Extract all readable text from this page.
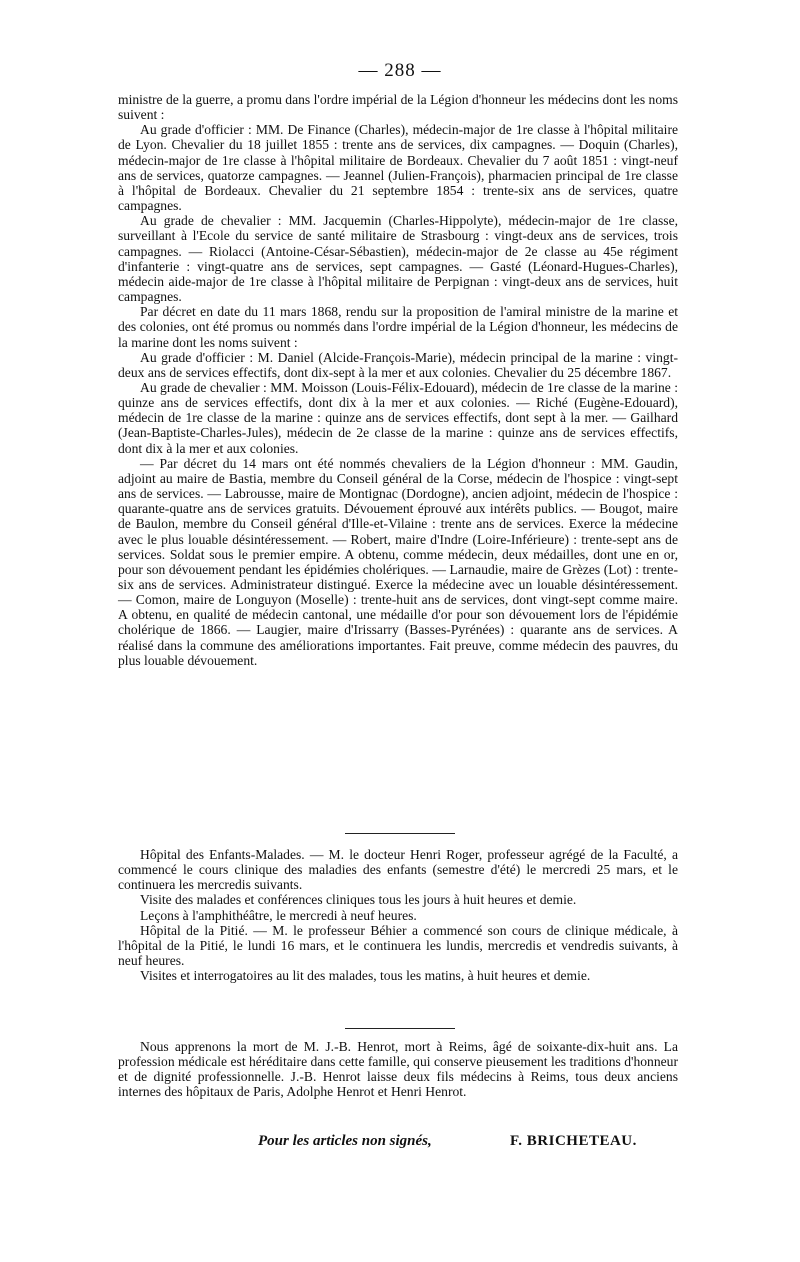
— 288 —

ministre de la guerre, a promu dans l'ordre impérial de la Légion d'honneur les médecins dont les noms suivent :

Au grade d'officier : MM. De Finance (Charles), médecin-major de 1re classe à l'hôpital militaire de Lyon. Chevalier du 18 juillet 1855 : trente ans de services, dix campagnes. — Doquin (Charles), médecin-major de 1re classe à l'hôpital militaire de Bordeaux. Chevalier du 7 août 1851 : vingt-neuf ans de services, quatorze campagnes. — Jeannel (Julien-François), pharmacien principal de 1re classe à l'hôpital de Bordeaux. Chevalier du 21 septembre 1854 : trente-six ans de services, quatre campagnes.

Au grade de chevalier : MM. Jacquemin (Charles-Hippolyte), médecin-major de 1re classe, surveillant à l'Ecole du service de santé militaire de Strasbourg : vingt-deux ans de services, trois campagnes. — Riolacci (Antoine-César-Sébastien), médecin-major de 2e classe au 45e régiment d'infanterie : vingt-quatre ans de services, sept campagnes. — Gasté (Léonard-Hugues-Charles), médecin aide-major de 1re classe à l'hôpital militaire de Perpignan : vingt-deux ans de services, huit campagnes.

Par décret en date du 11 mars 1868, rendu sur la proposition de l'amiral ministre de la marine et des colonies, ont été promus ou nommés dans l'ordre impérial de la Légion d'honneur, les médecins de la marine dont les noms suivent :

Au grade d'officier : M. Daniel (Alcide-François-Marie), médecin principal de la marine : vingt-deux ans de services effectifs, dont dix-sept à la mer et aux colonies. Chevalier du 25 décembre 1867.

Au grade de chevalier : MM. Moisson (Louis-Félix-Edouard), médecin de 1re classe de la marine : quinze ans de services effectifs, dont dix à la mer et aux colonies. — Riché (Eugène-Edouard), médecin de 1re classe de la marine : quinze ans de services effectifs, dont sept à la mer. — Gailhard (Jean-Baptiste-Charles-Jules), médecin de 2e classe de la marine : quinze ans de services effectifs, dont dix à la mer et aux colonies.

— Par décret du 14 mars ont été nommés chevaliers de la Légion d'honneur : MM. Gaudin, adjoint au maire de Bastia, membre du Conseil général de la Corse, médecin de l'hospice : vingt-sept ans de services. — Labrousse, maire de Montignac (Dordogne), ancien adjoint, médecin de l'hospice : quarante-quatre ans de services gratuits. Dévouement éprouvé aux intérêts publics. — Bougot, maire de Baulon, membre du Conseil général d'Ille-et-Vilaine : trente ans de services. Exerce la médecine avec le plus louable désintéressement. — Robert, maire d'Indre (Loire-Inférieure) : trente-sept ans de services. Soldat sous le premier empire. A obtenu, comme médecin, deux médailles, dont une en or, pour son dévouement pendant les épidémies cholériques. — Larnaudie, maire de Grèzes (Lot) : trente-six ans de services. Administrateur distingué. Exerce la médecine avec un louable désintéressement. — Comon, maire de Longuyon (Moselle) : trente-huit ans de services, dont vingt-sept comme maire. A obtenu, en qualité de médecin cantonal, une médaille d'or pour son dévouement lors de l'épidémie cholérique de 1866. — Laugier, maire d'Irissarry (Basses-Pyrénées) : quarante ans de services. A réalisé dans la commune des améliorations importantes. Fait preuve, comme médecin des pauvres, du plus louable dévouement.

Hôpital des Enfants-Malades. — M. le docteur Henri Roger, professeur agrégé de la Faculté, a commencé le cours clinique des maladies des enfants (semestre d'été) le mercredi 25 mars, et le continuera les mercredis suivants.

Visite des malades et conférences cliniques tous les jours à huit heures et demie.

Leçons à l'amphithéâtre, le mercredi à neuf heures.

Hôpital de la Pitié. — M. le professeur Béhier a commencé son cours de clinique médicale, à l'hôpital de la Pitié, le lundi 16 mars, et le continuera les lundis, mercredis et vendredis suivants, à neuf heures.

Visites et interrogatoires au lit des malades, tous les matins, à huit heures et demie.

Nous apprenons la mort de M. J.-B. Henrot, mort à Reims, âgé de soixante-dix-huit ans. La profession médicale est héréditaire dans cette famille, qui conserve pieusement les traditions d'honneur et de dignité professionnelle. J.-B. Henrot laisse deux fils médecins à Reims, tous deux anciens internes des hôpitaux de Paris, Adolphe Henrot et Henri Henrot.

Pour les articles non signés,	F. BRICHETEAU.
